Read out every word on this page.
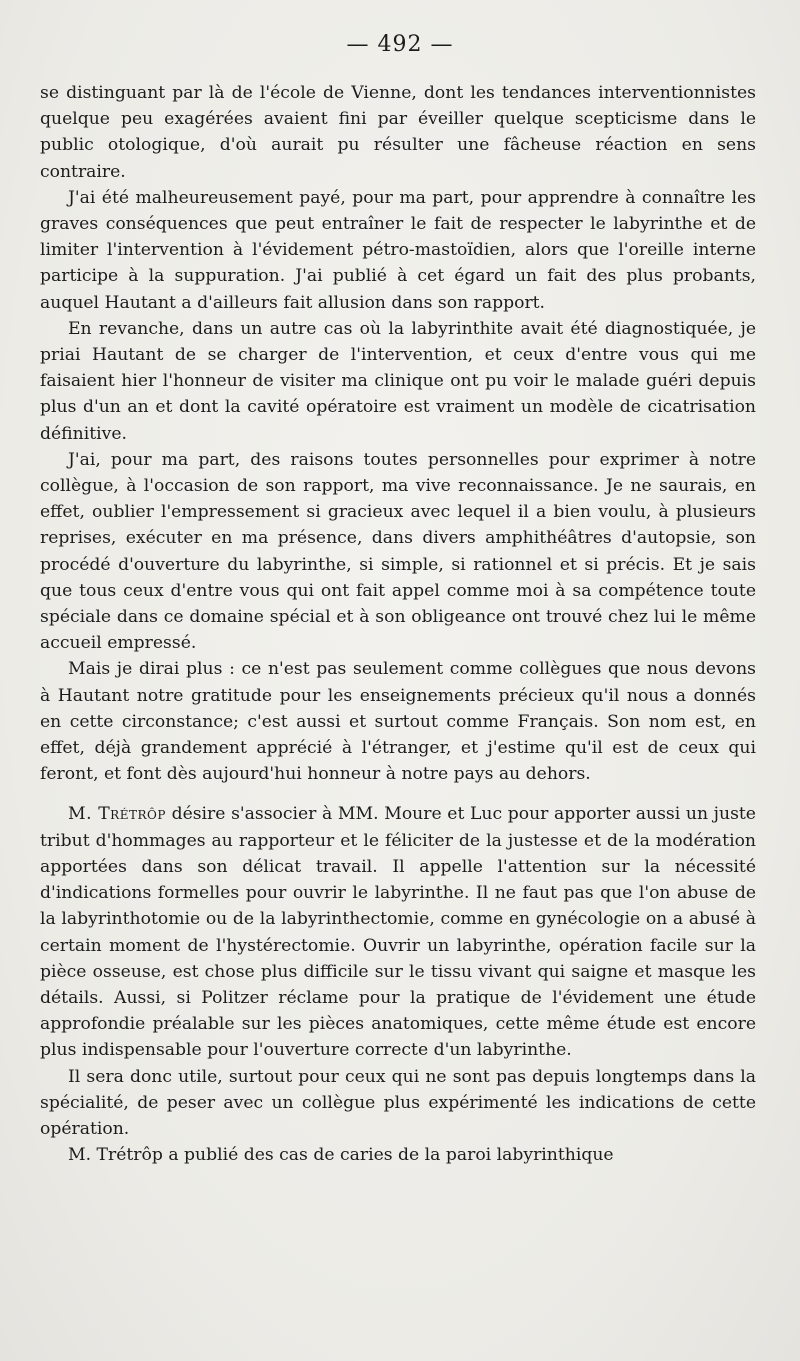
— 492 —

se distinguant par là de l'école de Vienne, dont les tendances interventionnistes quelque peu exagérées avaient fini par éveiller quelque scepticisme dans le public otologique, d'où aurait pu résulter une fâcheuse réaction en sens contraire.

J'ai été malheureusement payé, pour ma part, pour apprendre à connaître les graves conséquences que peut entraîner le fait de respecter le labyrinthe et de limiter l'intervention à l'évidement pétro-mastoïdien, alors que l'oreille interne participe à la suppuration. J'ai publié à cet égard un fait des plus probants, auquel Hautant a d'ailleurs fait allusion dans son rapport.

En revanche, dans un autre cas où la labyrinthite avait été diagnostiquée, je priai Hautant de se charger de l'intervention, et ceux d'entre vous qui me faisaient hier l'honneur de visiter ma clinique ont pu voir le malade guéri depuis plus d'un an et dont la cavité opératoire est vraiment un modèle de cicatrisation définitive.

J'ai, pour ma part, des raisons toutes personnelles pour exprimer à notre collègue, à l'occasion de son rapport, ma vive reconnaissance. Je ne saurais, en effet, oublier l'empressement si gracieux avec lequel il a bien voulu, à plusieurs reprises, exécuter en ma présence, dans divers amphithéâtres d'autopsie, son procédé d'ouverture du labyrinthe, si simple, si rationnel et si précis. Et je sais que tous ceux d'entre vous qui ont fait appel comme moi à sa compétence toute spéciale dans ce domaine spécial et à son obligeance ont trouvé chez lui le même accueil empressé.

Mais je dirai plus : ce n'est pas seulement comme collègues que nous devons à Hautant notre gratitude pour les enseignements précieux qu'il nous a donnés en cette circonstance; c'est aussi et surtout comme Français. Son nom est, en effet, déjà grandement apprécié à l'étranger, et j'estime qu'il est de ceux qui feront, et font dès aujourd'hui honneur à notre pays au dehors.

M. Trétrôp désire s'associer à MM. Moure et Luc pour apporter aussi un juste tribut d'hommages au rapporteur et le féliciter de la justesse et de la modération apportées dans son délicat travail. Il appelle l'attention sur la nécessité d'indications formelles pour ouvrir le labyrinthe. Il ne faut pas que l'on abuse de la labyrinthotomie ou de la labyrinthectomie, comme en gynécologie on a abusé à certain moment de l'hystérectomie. Ouvrir un labyrinthe, opération facile sur la pièce osseuse, est chose plus difficile sur le tissu vivant qui saigne et masque les détails. Aussi, si Politzer réclame pour la pratique de l'évidement une étude approfondie préalable sur les pièces anatomiques, cette même étude est encore plus indispensable pour l'ouverture correcte d'un labyrinthe.

Il sera donc utile, surtout pour ceux qui ne sont pas depuis longtemps dans la spécialité, de peser avec un collègue plus expérimenté les indications de cette opération.

M. Trétrôp a publié des cas de caries de la paroi labyrinthique
